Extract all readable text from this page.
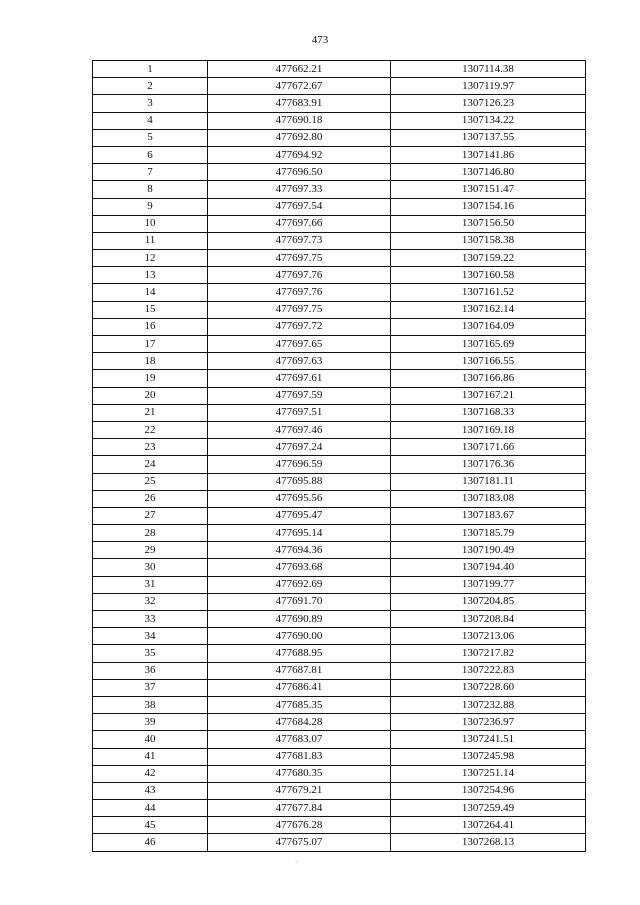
473
1	477662.21	1307114.38
2	477672.67	1307119.97
3	477683.91	1307126.23
4	477690.18	1307134.22
5	477692.80	1307137.55
6	477694.92	1307141.86
7	477696.50	1307146.80
8	477697.33	1307151.47
9	477697.54	1307154.16
10	477697.66	1307156.50
11	477697.73	1307158.38
12	477697.75	1307159.22
13	477697.76	1307160.58
14	477697.76	1307161.52
15	477697.75	1307162.14
16	477697.72	1307164.09
17	477697.65	1307165.69
18	477697.63	1307166.55
19	477697.61	1307166.86
20	477697.59	1307167.21
21	477697.51	1307168.33
22	477697.46	1307169.18
23	477697.24	1307171.66
24	477696.59	1307176.36
25	477695.88	1307181.11
26	477695.56	1307183.08
27	477695.47	1307183.67
28	477695.14	1307185.79
29	477694.36	1307190.49
30	477693.68	1307194.40
31	477692.69	1307199.77
32	477691.70	1307204.85
33	477690.89	1307208.84
34	477690.00	1307213.06
35	477688.95	1307217.82
36	477687.81	1307222.83
37	477686.41	1307228.60
38	477685.35	1307232.88
39	477684.28	1307236.97
40	477683.07	1307241.51
41	477681.83	1307245.98
42	477680.35	1307251.14
43	477679.21	1307254.96
44	477677.84	1307259.49
45	477676.28	1307264.41
46	477675.07	1307268.13
·
